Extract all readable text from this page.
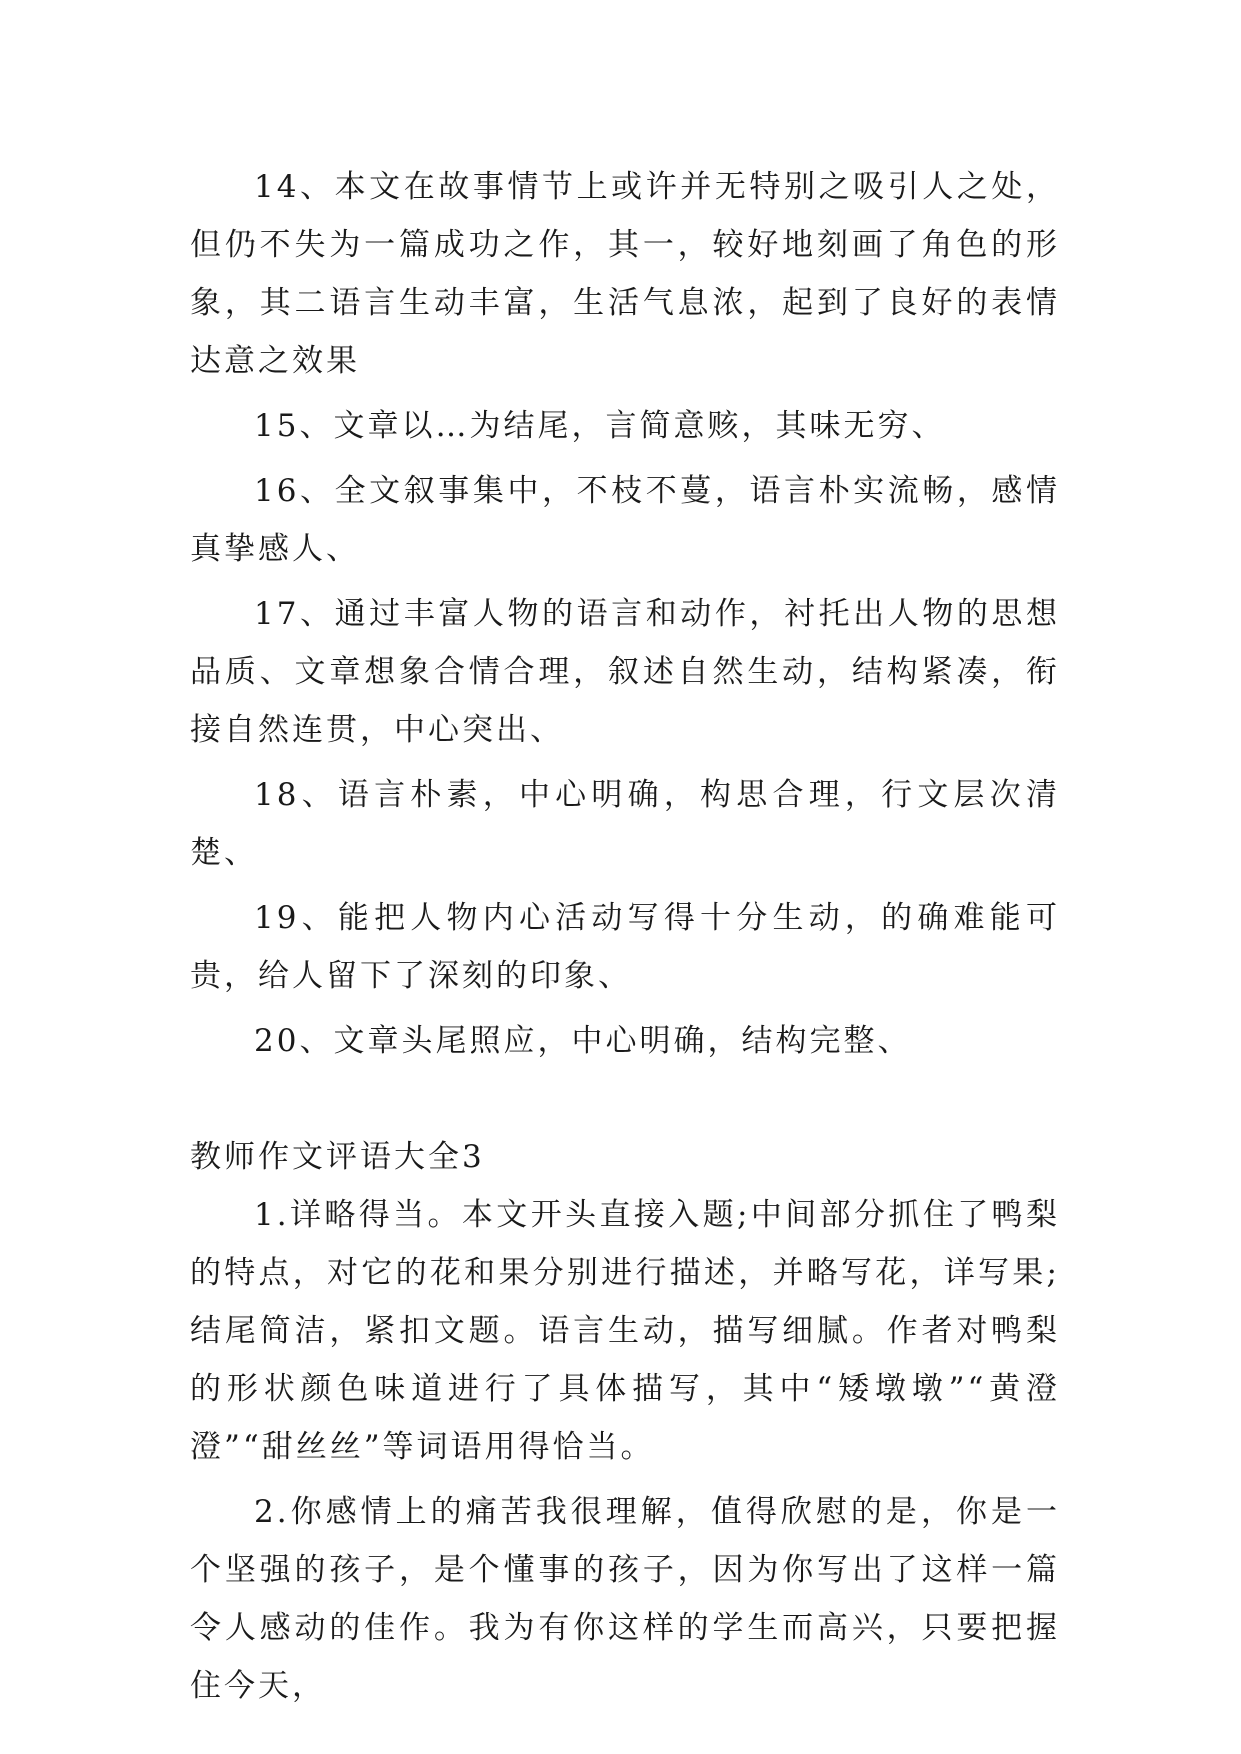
14、本文在故事情节上或许并无特别之吸引人之处，但仍不失为一篇成功之作，其一，较好地刻画了角色的形象，其二语言生动丰富，生活气息浓，起到了良好的表情达意之效果

15、文章以…为结尾，言简意赅，其味无穷、

16、全文叙事集中，不枝不蔓，语言朴实流畅，感情真挚感人、

17、通过丰富人物的语言和动作，衬托出人物的思想品质、文章想象合情合理，叙述自然生动，结构紧凑，衔接自然连贯，中心突出、

18、语言朴素，中心明确，构思合理，行文层次清楚、

19、能把人物内心活动写得十分生动，的确难能可贵，给人留下了深刻的印象、

20、文章头尾照应，中心明确，结构完整、

教师作文评语大全3

1.详略得当。本文开头直接入题;中间部分抓住了鸭梨的特点，对它的花和果分别进行描述，并略写花，详写果;结尾简洁，紧扣文题。语言生动，描写细腻。作者对鸭梨的形状颜色味道进行了具体描写，其中“矮墩墩”“黄澄澄”“甜丝丝”等词语用得恰当。

2.你感情上的痛苦我很理解，值得欣慰的是，你是一个坚强的孩子，是个懂事的孩子，因为你写出了这样一篇令人感动的佳作。我为有你这样的学生而高兴，只要把握住今天，
